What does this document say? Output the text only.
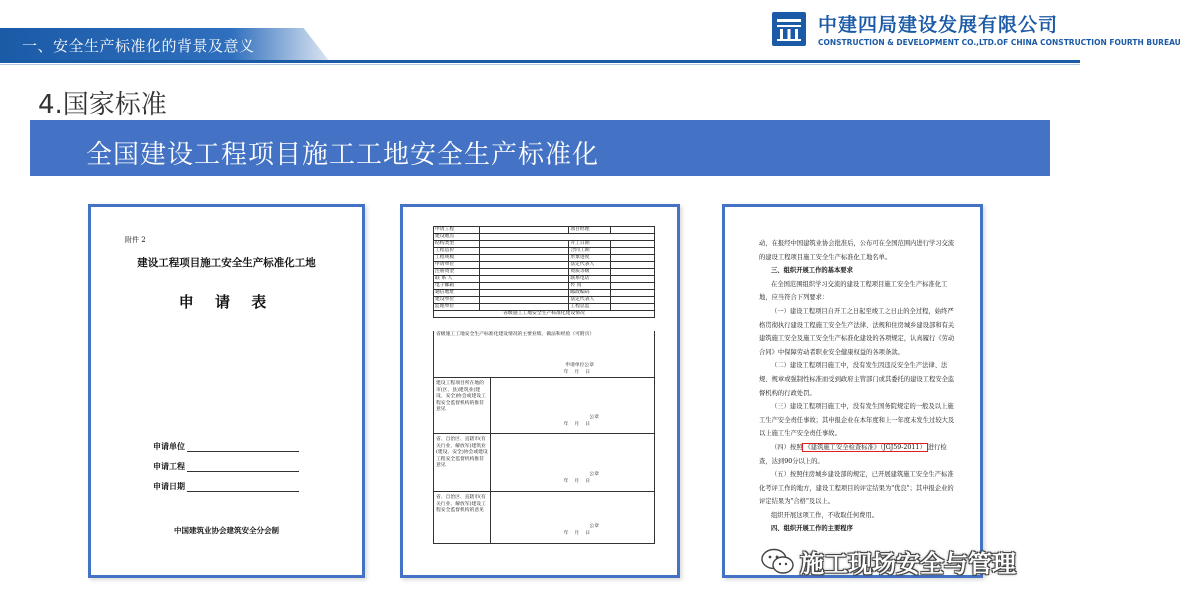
一、安全生产标准化的背景及意义
中建四局建设发展有限公司
CONSTRUCTION & DEVELOPMENT CO.,LTD.OF CHINA CONSTRUCTION FOURTH BUREAU
4.国家标准
全国建设工程项目施工工地安全生产标准化
附件 2
建设工程项目施工安全生产标准化工地
申 请 表
申请单位
申请工程
申请日期
中国建筑业协会建筑安全分会制
申请工程		项目经理	
建设地点			
结构类型		开工日期	
工程造价		合同工期	
工程规模		形象进度	
申请单位		法定代表人	
注册资金		资质等级	
联 系 人		联系电话	
电子邮箱		传 真	
通信地址		邮政编码	
建设单位		法定代表人	
监理单位		工程总监	
省级施工工地安全生产标准化建设情况			
省级施工工地安全生产标准化建设情况的主要业绩、做法和经验（可附页）
申请单位公章
年月日
建设工程项目所在地的市(区、县)建筑业(建设、安全)协会或建设工程安全监督机构的推荐意见
公章
年月日
省、自治区、直辖市(有关行业、解放军)建筑业(建设、安全)协会或建设工程安全监督机构推荐意见
公章
年月日
省、自治区、直辖市(有关行业、解放军)建设工程安全监督机构的意见
公章
年月日

动，在报经中国建筑业协会批准后，公布可在全国范围内进行学习交流的建设工程项目施工安全生产标准化工地名单。

三、组织开展工作的基本要求

在全国范围组织学习交流的建设工程项目施工安全生产标准化工地，应当符合下列要求：

（一）建设工程项目自开工之日起至竣工之日止的全过程，始终严格贯彻执行建设工程施工安全生产法律、法规和住房城乡建设部和有关建筑施工安全及施工安全生产标准化建设的各项规定，认真履行《劳动合同》中保障劳动者职业安全健康权益的各项条款。

（二）建设工程项目施工中，没有发生因违反安全生产法律、法规、规章或强制性标准而受到政府主管部门或其委托的建设工程安全监督机构的行政处罚。

（三）建设工程项目施工中，没有发生国务院规定的一般及以上施工生产安全责任事故；其申报企业在本年度和上一年度未发生过较大及以上施工生产安全责任事故。

（四）按照 《建筑施工安全检查标准》（JGJ59-2011） 进行检查，达到90分以上的。

（五）按照住房城乡建设部的规定，已开展建筑施工安全生产标准化考评工作的地方，建设工程项目的评定结果为"优良"；其申报企业的评定结果为"合格"及以上。

组织开展这项工作，不收取任何费用。

四、组织开展工作的主要程序

施工现场安全与管理
